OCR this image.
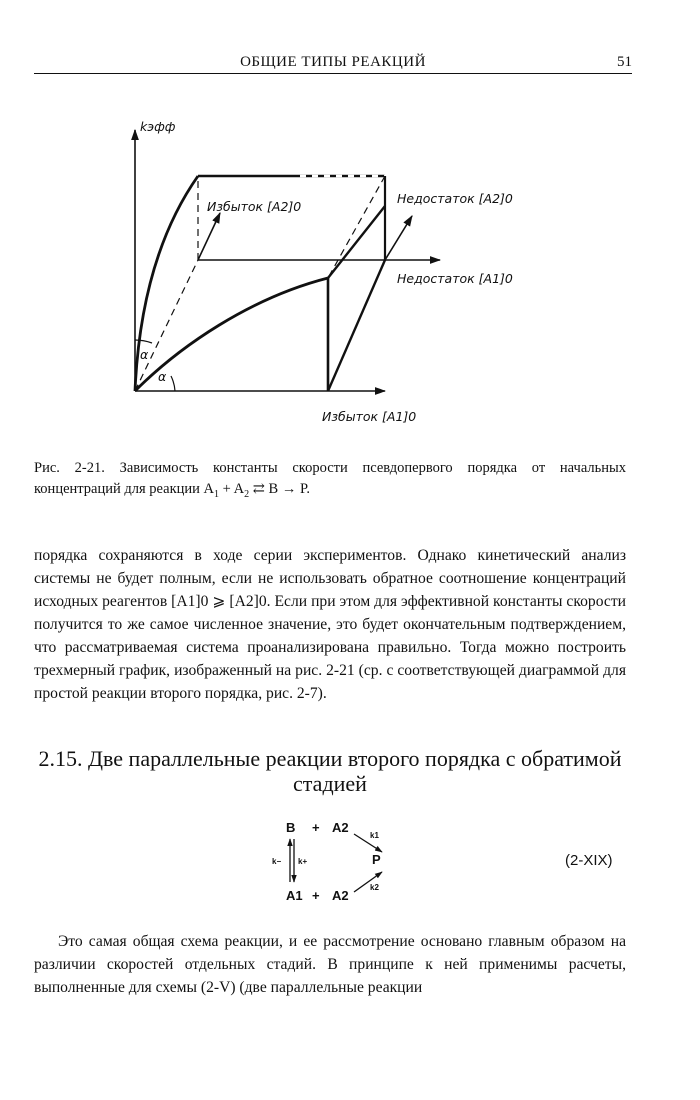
ОБЩИЕ ТИПЫ РЕАКЦИЙ	51
kэфф
Избыток [A2]0
Недостаток [A2]0
Недостаток [A1]0
Избыток [A1]0
α
α
Рис. 2-21. Зависимость константы скорости псевдопервого порядка от начальных концентраций для реакции $A_1 + A_2$ ⇄ B → P.

порядка сохраняются в ходе серии экспериментов. Однако кинетический анализ системы не будет полным, если не использовать обратное соотношение концентраций исходных реагентов [A1]0 ⩾ [A2]0. Если при этом для эффективной константы скорости получится то же самое численное значение, это будет окончательным подтверждением, что рассматриваемая система проанализирована правильно. Тогда можно построить трехмерный график, изображенный на рис. 2-21 (ср. с соответствующей диаграммой для простой реакции второго порядка, рис. 2-7).

2.15. Две параллельные реакции второго порядка с обратимой стадией
B + A2
P
A1 + A2
k1
k2
k− k+	(2-XIX)

Это самая общая схема реакции, и ее рассмотрение основано главным образом на различии скоростей отдельных стадий. В принципе к ней применимы расчеты, выполненные для схемы (2-V) (две параллельные реакции
